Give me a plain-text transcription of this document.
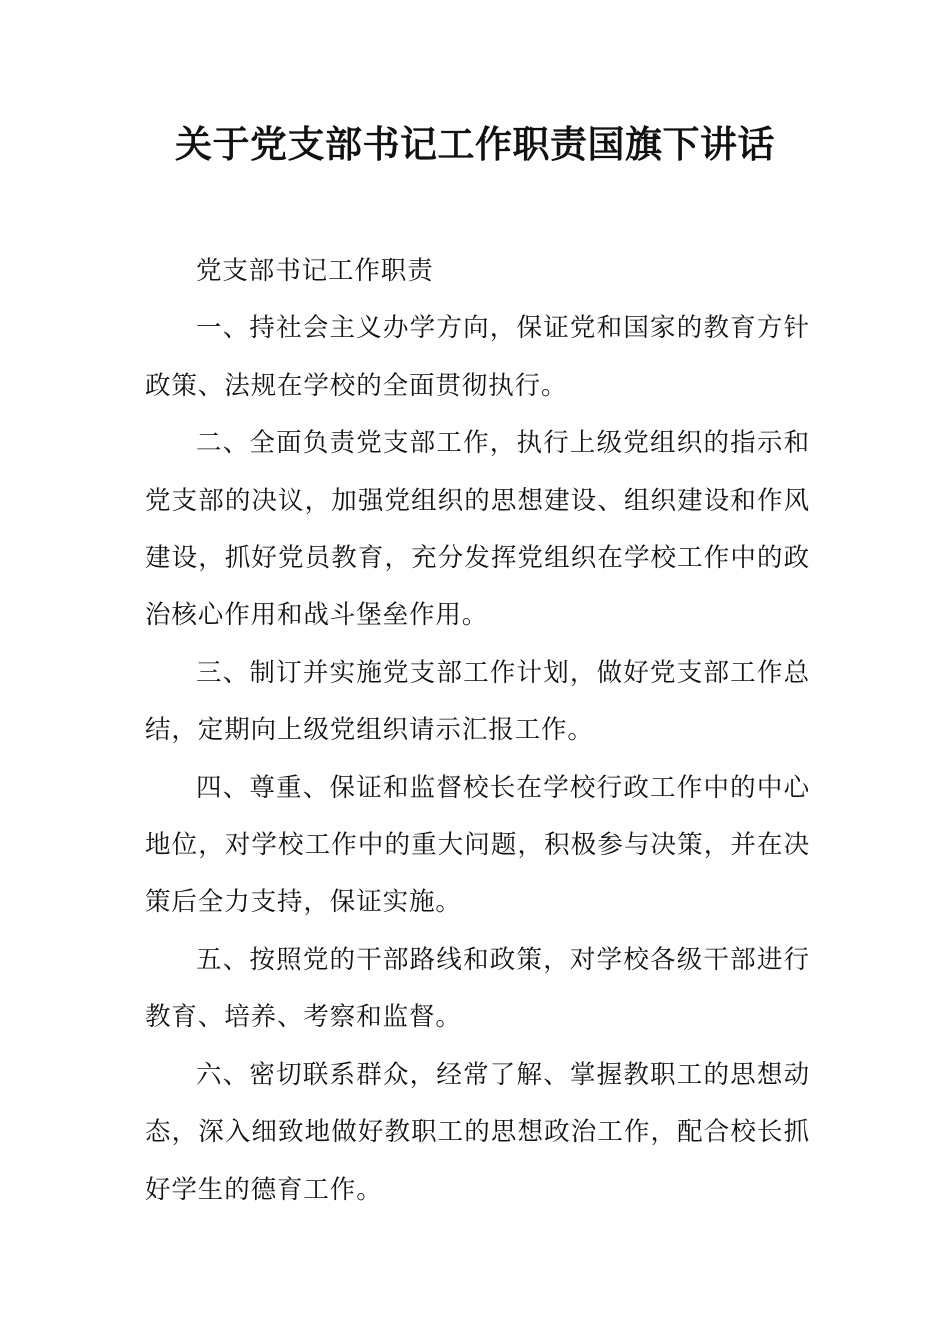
关于党支部书记工作职责国旗下讲话

党支部书记工作职责

一、持社会主义办学方向，保证党和国家的教育方针政策、法规在学校的全面贯彻执行。

二、全面负责党支部工作，执行上级党组织的指示和党支部的决议，加强党组织的思想建设、组织建设和作风建设，抓好党员教育，充分发挥党组织在学校工作中的政治核心作用和战斗堡垒作用。

三、制订并实施党支部工作计划，做好党支部工作总结，定期向上级党组织请示汇报工作。

四、尊重、保证和监督校长在学校行政工作中的中心地位，对学校工作中的重大问题，积极参与决策，并在决策后全力支持，保证实施。

五、按照党的干部路线和政策，对学校各级干部进行教育、培养、考察和监督。

六、密切联系群众，经常了解、掌握教职工的思想动态，深入细致地做好教职工的思想政治工作，配合校长抓好学生的德育工作。
